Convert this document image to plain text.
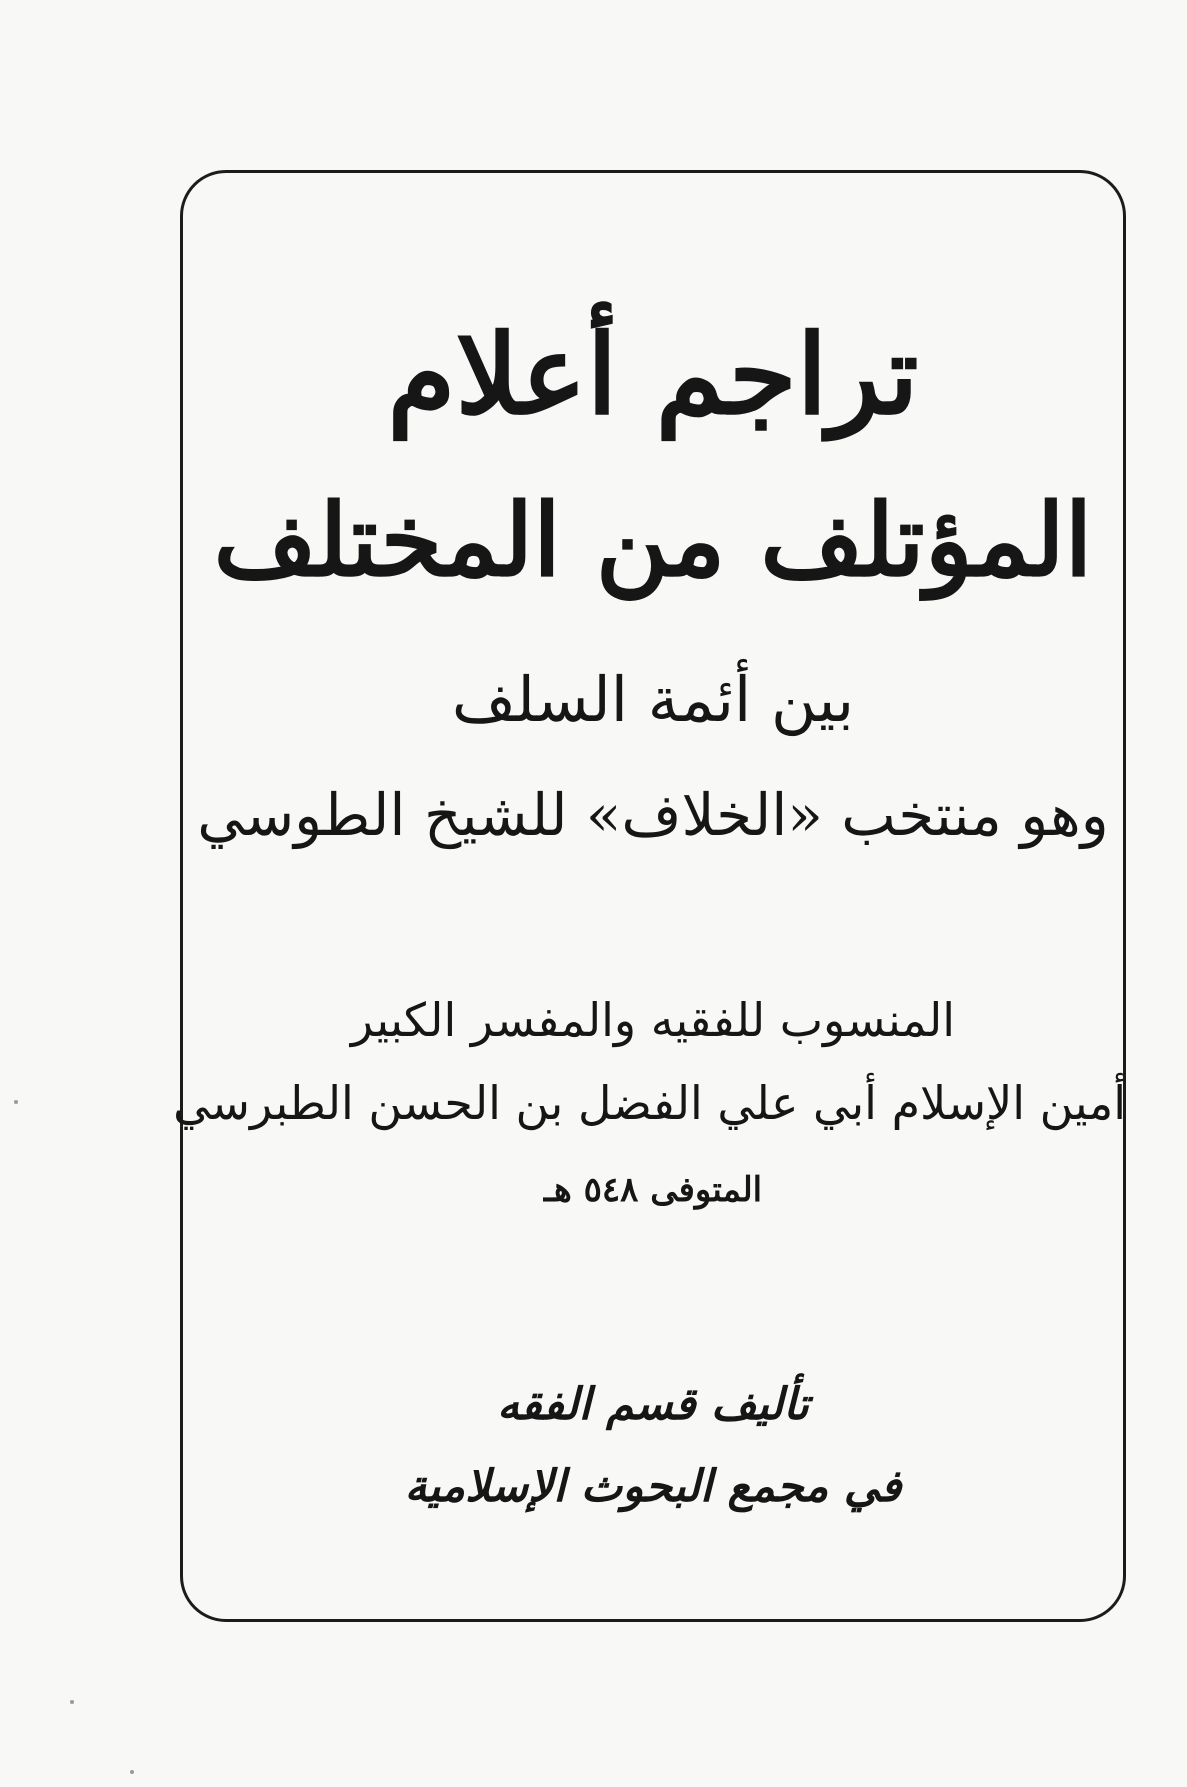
تراجم أعلام
المؤتلف من المختلف
بين أئمة السلف
وهو منتخب «الخلاف» للشيخ الطوسي
المنسوب للفقيه والمفسر الكبير
أمين الإسلام أبي علي الفضل بن الحسن الطبرسي
المتوفى ٥٤٨ هـ
تأليف قسم الفقه
في مجمع البحوث الإسلامية
